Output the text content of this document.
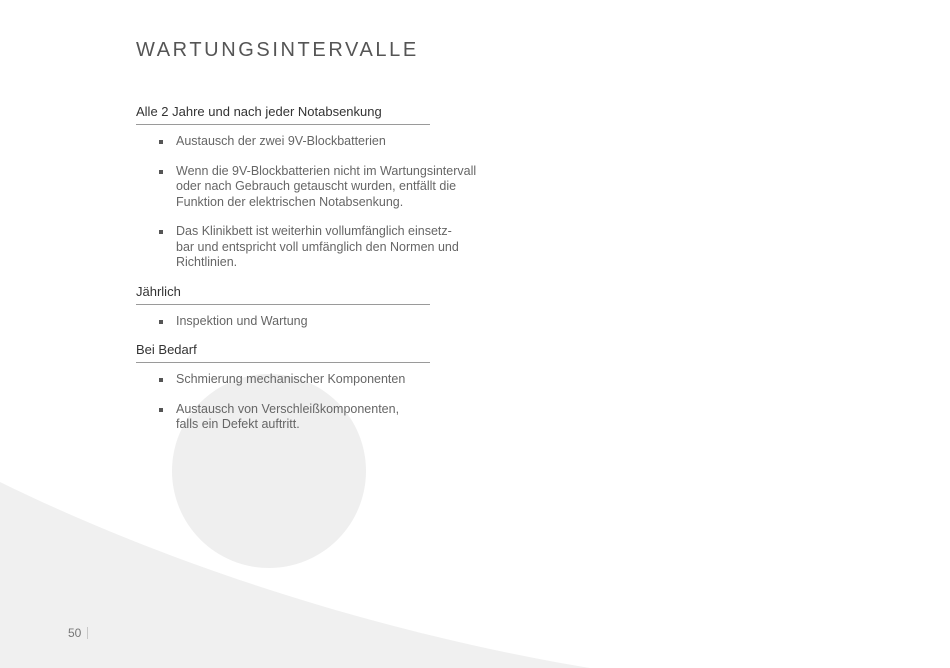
WARTUNGSINTERVALLE
Alle 2 Jahre und nach jeder Notabsenkung
Austausch der zwei 9V-Blockbatterien
Wenn die 9V-Blockbatterien nicht im Wartungsintervall
oder nach Gebrauch getauscht wurden, entfällt die
Funktion der elektrischen Notabsenkung.
Das Klinikbett ist weiterhin vollumfänglich einsetz-
bar und entspricht voll umfänglich den Normen und
Richtlinien.
Jährlich
Inspektion und Wartung
Bei Bedarf
Schmierung mechanischer Komponenten
Austausch von Verschleißkomponenten,
falls ein Defekt auftritt.
50
